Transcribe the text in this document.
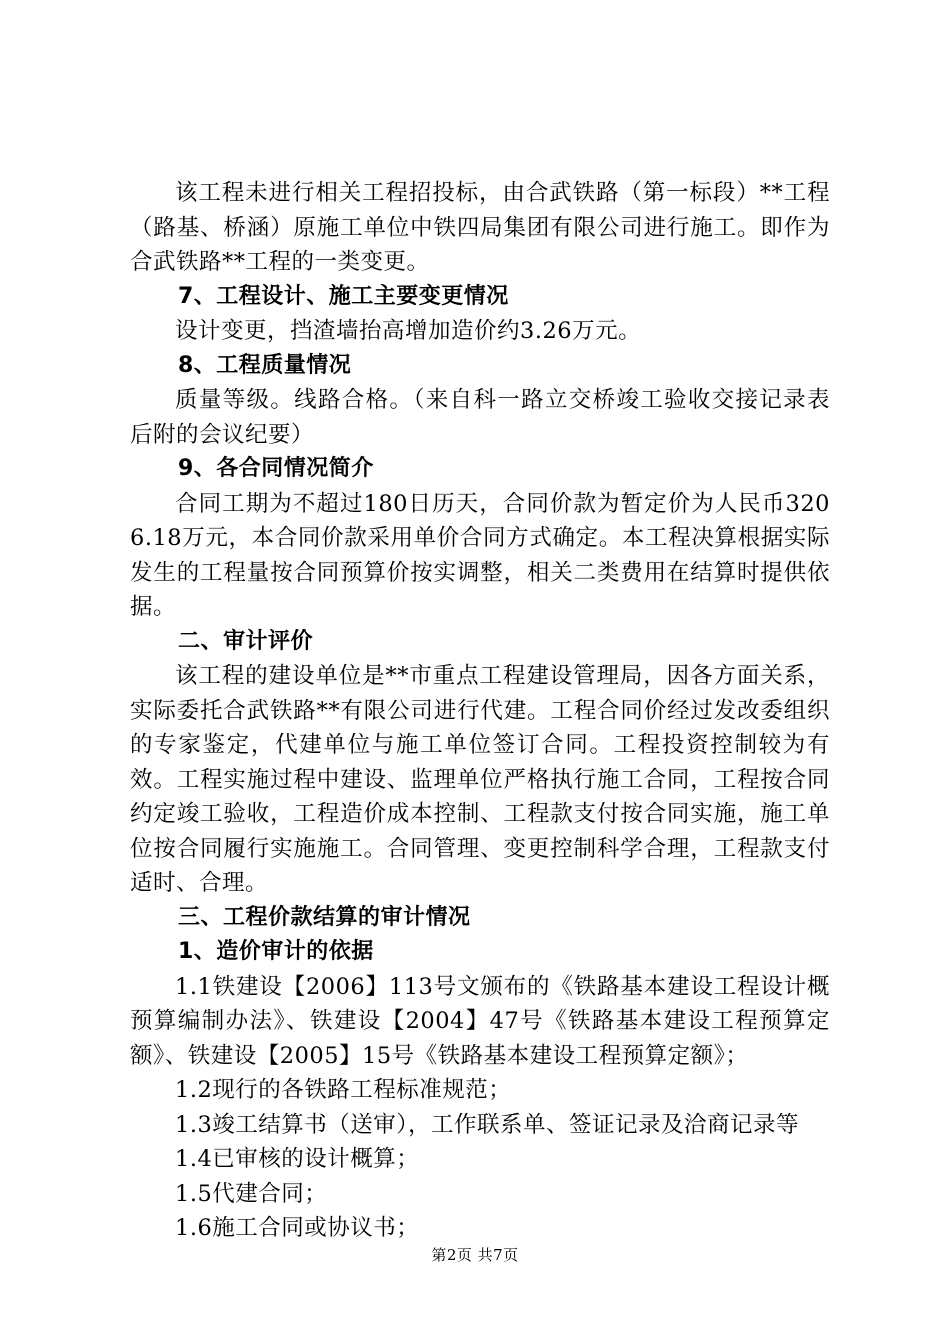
该工程未进行相关工程招投标，由合武铁路（第一标段）**工程（路基、桥涵）原施工单位中铁四局集团有限公司进行施工。即作为合武铁路**工程的一类变更。

7、工程设计、施工主要变更情况

设计变更，挡渣墙抬高增加造价约3.26万元。

8、工程质量情况

质量等级。线路合格。（来自科一路立交桥竣工验收交接记录表后附的会议纪要）

9、各合同情况简介

合同工期为不超过180日历天，合同价款为暂定价为人民币3206.18万元，本合同价款采用单价合同方式确定。本工程决算根据实际发生的工程量按合同预算价按实调整，相关二类费用在结算时提供依据。

二、审计评价

该工程的建设单位是**市重点工程建设管理局，因各方面关系，实际委托合武铁路**有限公司进行代建。工程合同价经过发改委组织的专家鉴定，代建单位与施工单位签订合同。工程投资控制较为有效。工程实施过程中建设、监理单位严格执行施工合同，工程按合同约定竣工验收，工程造价成本控制、工程款支付按合同实施，施工单位按合同履行实施施工。合同管理、变更控制科学合理，工程款支付适时、合理。

三、工程价款结算的审计情况

1、造价审计的依据

1.1铁建设【2006】113号文颁布的《铁路基本建设工程设计概预算编制办法》、铁建设【2004】47号《铁路基本建设工程预算定额》、铁建设【2005】15号《铁路基本建设工程预算定额》；

1.2现行的各铁路工程标准规范；

1.3竣工结算书（送审），工作联系单、签证记录及洽商记录等

1.4已审核的设计概算；

1.5代建合同；

1.6施工合同或协议书；

第2页 共7页
